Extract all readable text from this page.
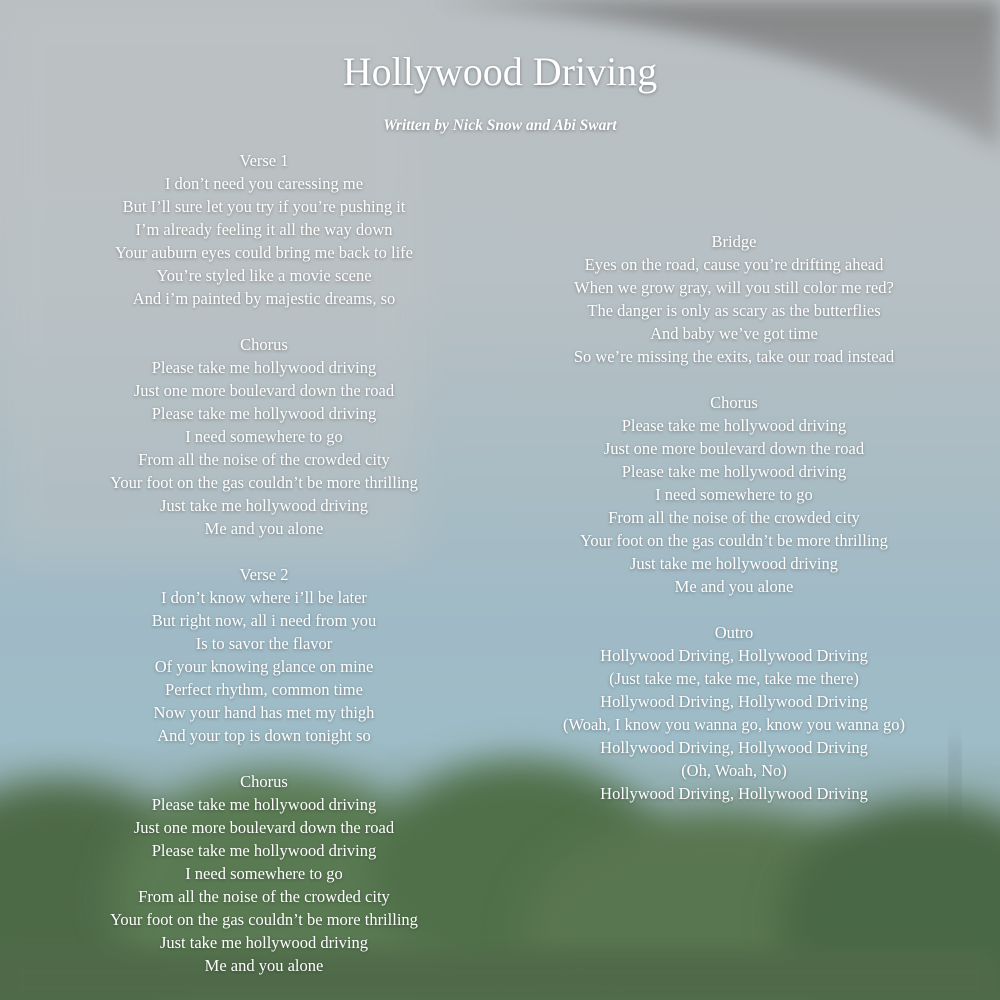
Hollywood Driving
Written by Nick Snow and Abi Swart
Verse 1
I don’t need you caressing me
But I’ll sure let you try if you’re pushing it
I’m already feeling it all the way down
Your auburn eyes could bring me back to life
You’re styled like a movie scene
And i’m painted by majestic dreams, so
Chorus
Please take me hollywood driving
Just one more boulevard down the road
Please take me hollywood driving
I need somewhere to go
From all the noise of the crowded city
Your foot on the gas couldn’t be more thrilling
Just take me hollywood driving
Me and you alone
Verse 2
I don’t know where i’ll be later
But right now, all i need from you
Is to savor the flavor
Of your knowing glance on mine
Perfect rhythm, common time
Now your hand has met my thigh
And your top is down tonight so
Chorus
Please take me hollywood driving
Just one more boulevard down the road
Please take me hollywood driving
I need somewhere to go
From all the noise of the crowded city
Your foot on the gas couldn’t be more thrilling
Just take me hollywood driving
Me and you alone
Bridge
Eyes on the road, cause you’re drifting ahead
When we grow gray, will you still color me red?
The danger is only as scary as the butterflies
And baby we’ve got time
So we’re missing the exits, take our road instead
Chorus
Please take me hollywood driving
Just one more boulevard down the road
Please take me hollywood driving
I need somewhere to go
From all the noise of the crowded city
Your foot on the gas couldn’t be more thrilling
Just take me hollywood driving
Me and you alone
Outro
Hollywood Driving, Hollywood Driving
(Just take me, take me, take me there)
Hollywood Driving, Hollywood Driving
(Woah, I know you wanna go, know you wanna go)
Hollywood Driving, Hollywood Driving
(Oh, Woah, No)
Hollywood Driving, Hollywood Driving
